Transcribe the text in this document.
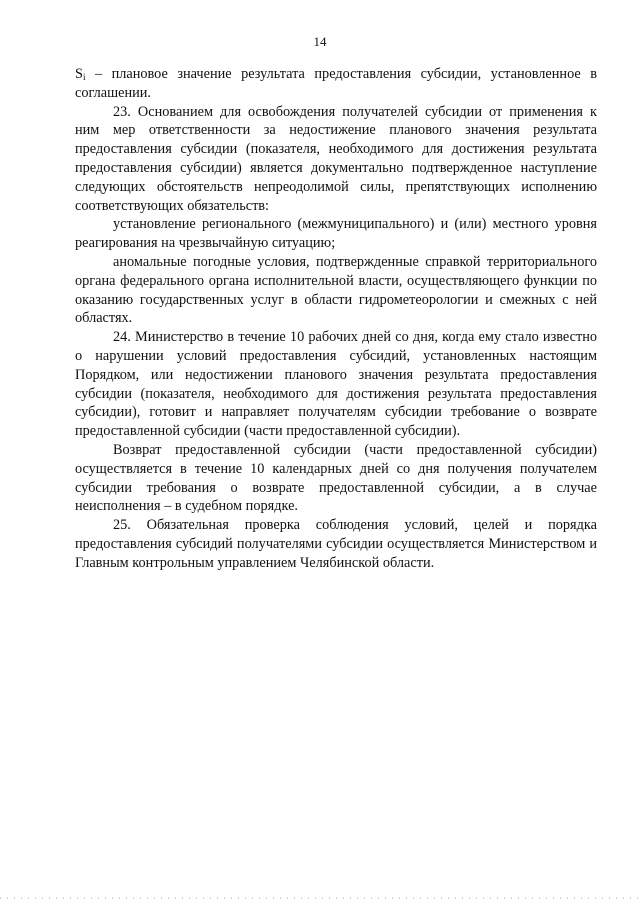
14

$S_i$ – плановое значение результата предоставления субсидии, установленное в соглашении.

23. Основанием для освобождения получателей субсидии от применения к ним мер ответственности за недостижение планового значения результата предоставления субсидии (показателя, необходимого для достижения результата предоставления субсидии) является документально подтвержденное наступление следующих обстоятельств непреодолимой силы, препятствующих исполнению соответствующих обязательств:

установление регионального (межмуниципального) и (или) местного уровня реагирования на чрезвычайную ситуацию;

аномальные погодные условия, подтвержденные справкой территориального органа федерального органа исполнительной власти, осуществляющего функции по оказанию государственных услуг в области гидрометеорологии и смежных с ней областях.

24. Министерство в течение 10 рабочих дней со дня, когда ему стало известно о нарушении условий предоставления субсидий, установленных настоящим Порядком, или недостижении планового значения результата предоставления субсидии (показателя, необходимого для достижения результата предоставления субсидии), готовит и направляет получателям субсидии требование о возврате предоставленной субсидии (части предоставленной субсидии).

Возврат предоставленной субсидии (части предоставленной субсидии) осуществляется в течение 10 календарных дней со дня получения получателем субсидии требования о возврате предоставленной субсидии, а в случае неисполнения – в судебном порядке.

25. Обязательная проверка соблюдения условий, целей и порядка предоставления субсидий получателями субсидии осуществляется Министерством и Главным контрольным управлением Челябинской области.
